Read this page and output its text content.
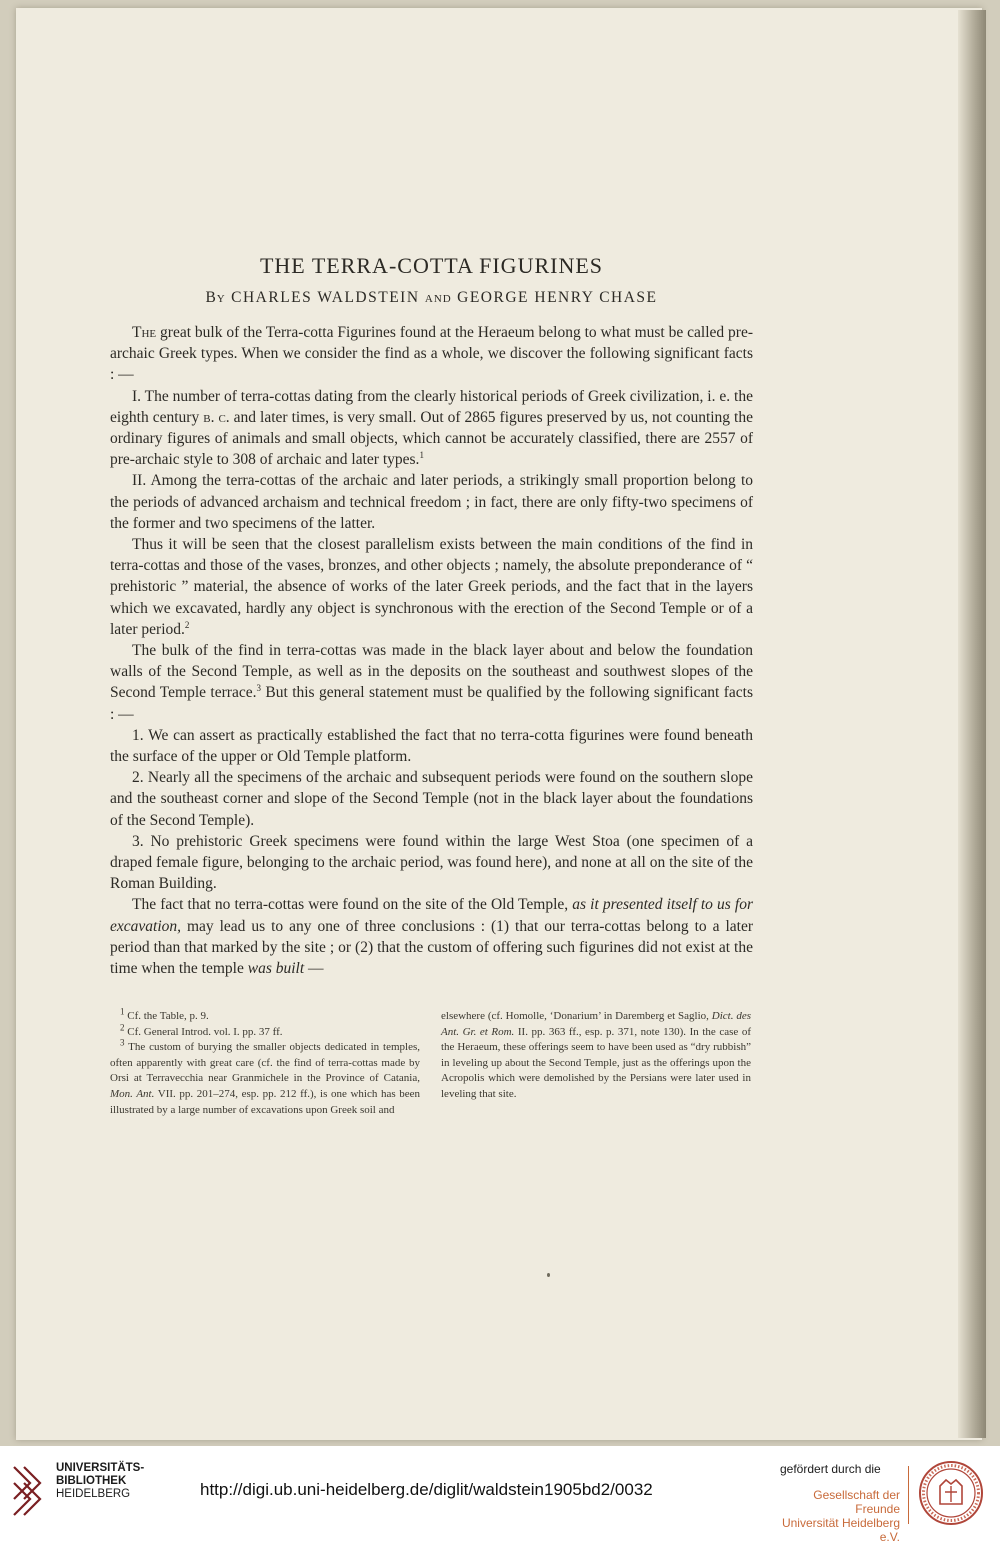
THE TERRA-COTTA FIGURINES
By CHARLES WALDSTEIN and GEORGE HENRY CHASE

The great bulk of the Terra-cotta Figurines found at the Heraeum belong to what must be called pre-archaic Greek types. When we consider the find as a whole, we discover the following significant facts : —

I. The number of terra-cottas dating from the clearly historical periods of Greek civilization, i. e. the eighth century b. c. and later times, is very small. Out of 2865 figures preserved by us, not counting the ordinary figures of animals and small objects, which cannot be accurately classified, there are 2557 of pre-archaic style to 308 of archaic and later types.$^1$

II. Among the terra-cottas of the archaic and later periods, a strikingly small proportion belong to the periods of advanced archaism and technical freedom ; in fact, there are only fifty-two specimens of the former and two specimens of the latter.

Thus it will be seen that the closest parallelism exists between the main conditions of the find in terra-cottas and those of the vases, bronzes, and other objects ; namely, the absolute preponderance of “ prehistoric ” material, the absence of works of the later Greek periods, and the fact that in the layers which we excavated, hardly any object is synchronous with the erection of the Second Temple or of a later period.$^2$

The bulk of the find in terra-cottas was made in the black layer about and below the foundation walls of the Second Temple, as well as in the deposits on the southeast and southwest slopes of the Second Temple terrace.$^3$ But this general statement must be qualified by the following significant facts : —

1. We can assert as practically established the fact that no terra-cotta figurines were found beneath the surface of the upper or Old Temple platform.

2. Nearly all the specimens of the archaic and subsequent periods were found on the southern slope and the southeast corner and slope of the Second Temple (not in the black layer about the foundations of the Second Temple).

3. No prehistoric Greek specimens were found within the large West Stoa (one specimen of a draped female figure, belonging to the archaic period, was found here), and none at all on the site of the Roman Building.

The fact that no terra-cottas were found on the site of the Old Temple, as it presented itself to us for excavation, may lead us to any one of three conclusions : (1) that our terra-cottas belong to a later period than that marked by the site ; or (2) that the custom of offering such figurines did not exist at the time when the temple was built —

$^1$ Cf. the Table, p. 9.

$^2$ Cf. General Introd. vol. I. pp. 37 ff.

$^3$ The custom of burying the smaller objects dedicated in temples, often apparently with great care (cf. the find of terra-cottas made by Orsi at Terravecchia near Granmichele in the Province of Catania, Mon. Ant. VII. pp. 201–274, esp. pp. 212 ff.), is one which has been illustrated by a large number of excavations upon Greek soil and

elsewhere (cf. Homolle, ‘Donarium’ in Daremberg et Saglio, Dict. des Ant. Gr. et Rom. II. pp. 363 ff., esp. p. 371, note 130). In the case of the Heraeum, these offerings seem to have been used as “dry rubbish” in leveling up about the Second Temple, just as the offerings upon the Acropolis which were demolished by the Persians were later used in leveling that site.

UNIVERSITÄTS-
BIBLIOTHEK
HEIDELBERG	http://digi.ub.uni-heidelberg.de/diglit/waldstein1905bd2/0032
gefördert durch die
Gesellschaft der Freunde
Universität Heidelberg e.V.
